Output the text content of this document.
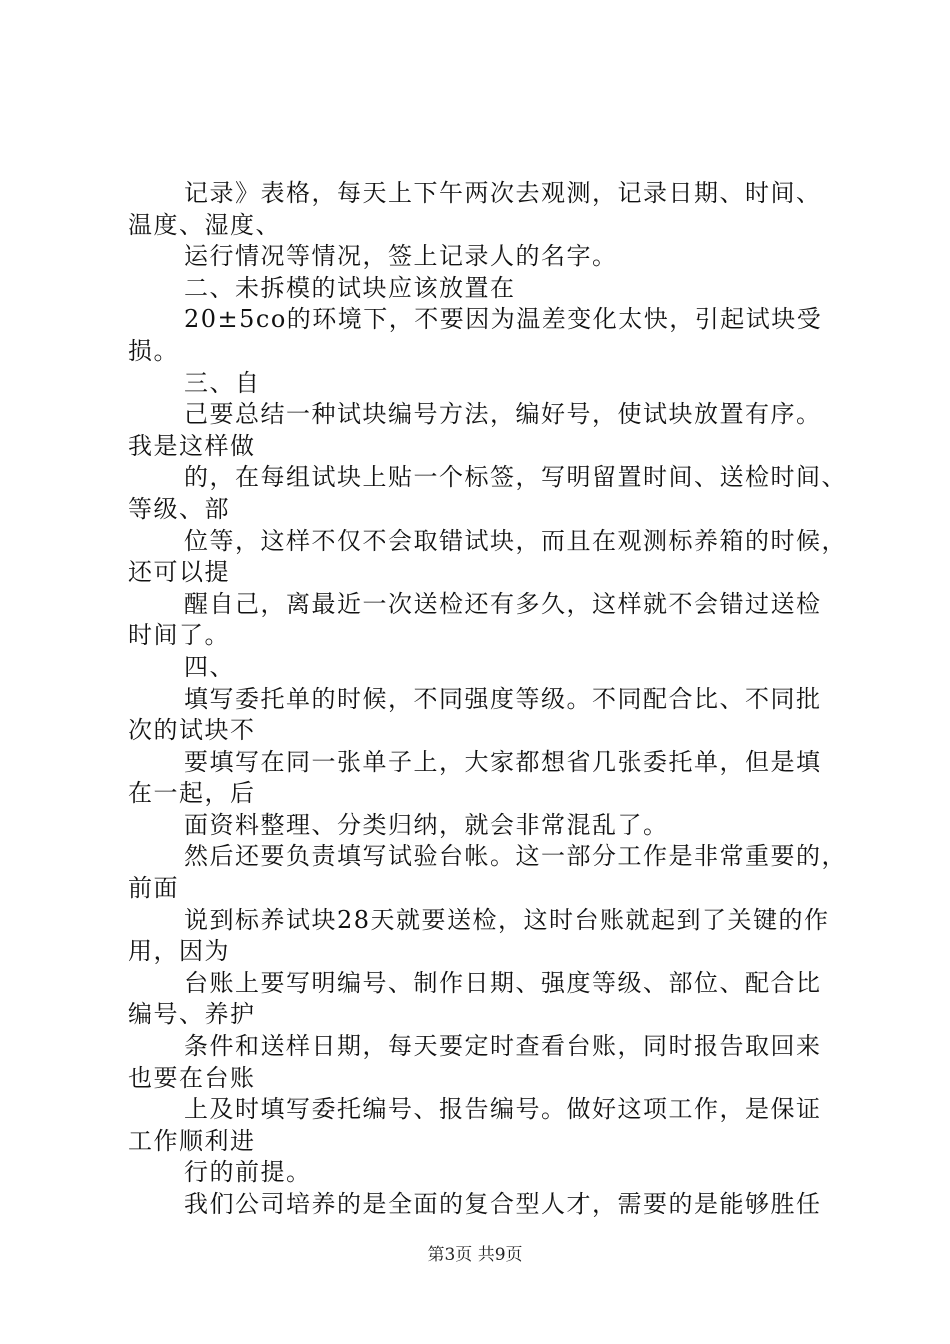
记录》表格，每天上下午两次去观测，记录日期、时间、
温度、湿度、
运行情况等情况，签上记录人的名字。
二、未拆模的试块应该放置在
20±5co的环境下，不要因为温差变化太快，引起试块受
损。
三、自
己要总结一种试块编号方法，编好号，使试块放置有序。
我是这样做
的，在每组试块上贴一个标签，写明留置时间、送检时间、
等级、部
位等，这样不仅不会取错试块，而且在观测标养箱的时候，
还可以提
醒自己，离最近一次送检还有多久，这样就不会错过送检
时间了。
四、
填写委托单的时候，不同强度等级。不同配合比、不同批
次的试块不
要填写在同一张单子上，大家都想省几张委托单，但是填
在一起，后
面资料整理、分类归纳，就会非常混乱了。
然后还要负责填写试验台帐。这一部分工作是非常重要的，
前面
说到标养试块28天就要送检，这时台账就起到了关键的作
用，因为
台账上要写明编号、制作日期、强度等级、部位、配合比
编号、养护
条件和送样日期，每天要定时查看台账，同时报告取回来
也要在台账
上及时填写委托编号、报告编号。做好这项工作，是保证
工作顺利进
行的前提。
我们公司培养的是全面的复合型人才，需要的是能够胜任
第3页 共9页
